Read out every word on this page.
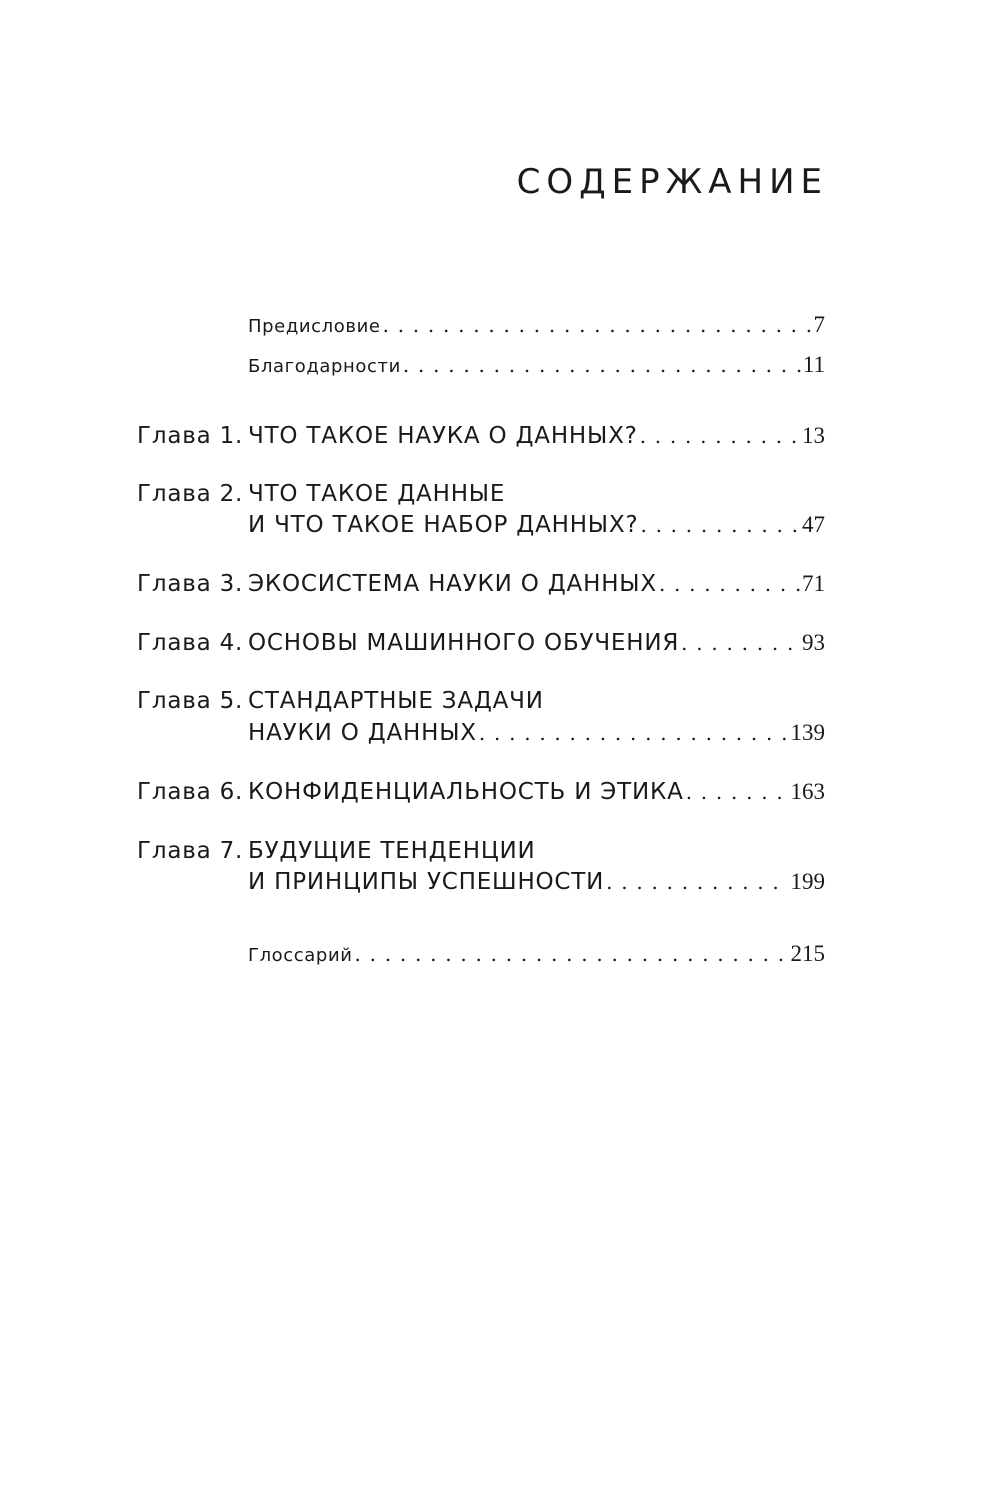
СОДЕРЖАНИЕ
Предисловие . . .	7
Благодарности . . .	11
Глава 1. ЧТО ТАКОЕ НАУКА О ДАННЫХ? . . .	13
Глава 2. ЧТО ТАКОЕ ДАННЫЕ
И ЧТО ТАКОЕ НАБОР ДАННЫХ? . . .	47
Глава 3. ЭКОСИСТЕМА НАУКИ О ДАННЫХ . . .	71
Глава 4. ОСНОВЫ МАШИННОГО ОБУЧЕНИЯ . . .	93
Глава 5. СТАНДАРТНЫЕ ЗАДАЧИ
НАУКИ О ДАННЫХ . . .	139
Глава 6. КОНФИДЕНЦИАЛЬНОСТЬ И ЭТИКА . . .	163
Глава 7. БУДУЩИЕ ТЕНДЕНЦИИ
И ПРИНЦИПЫ УСПЕШНОСТИ . . .	199
Глоссарий . . .	215
